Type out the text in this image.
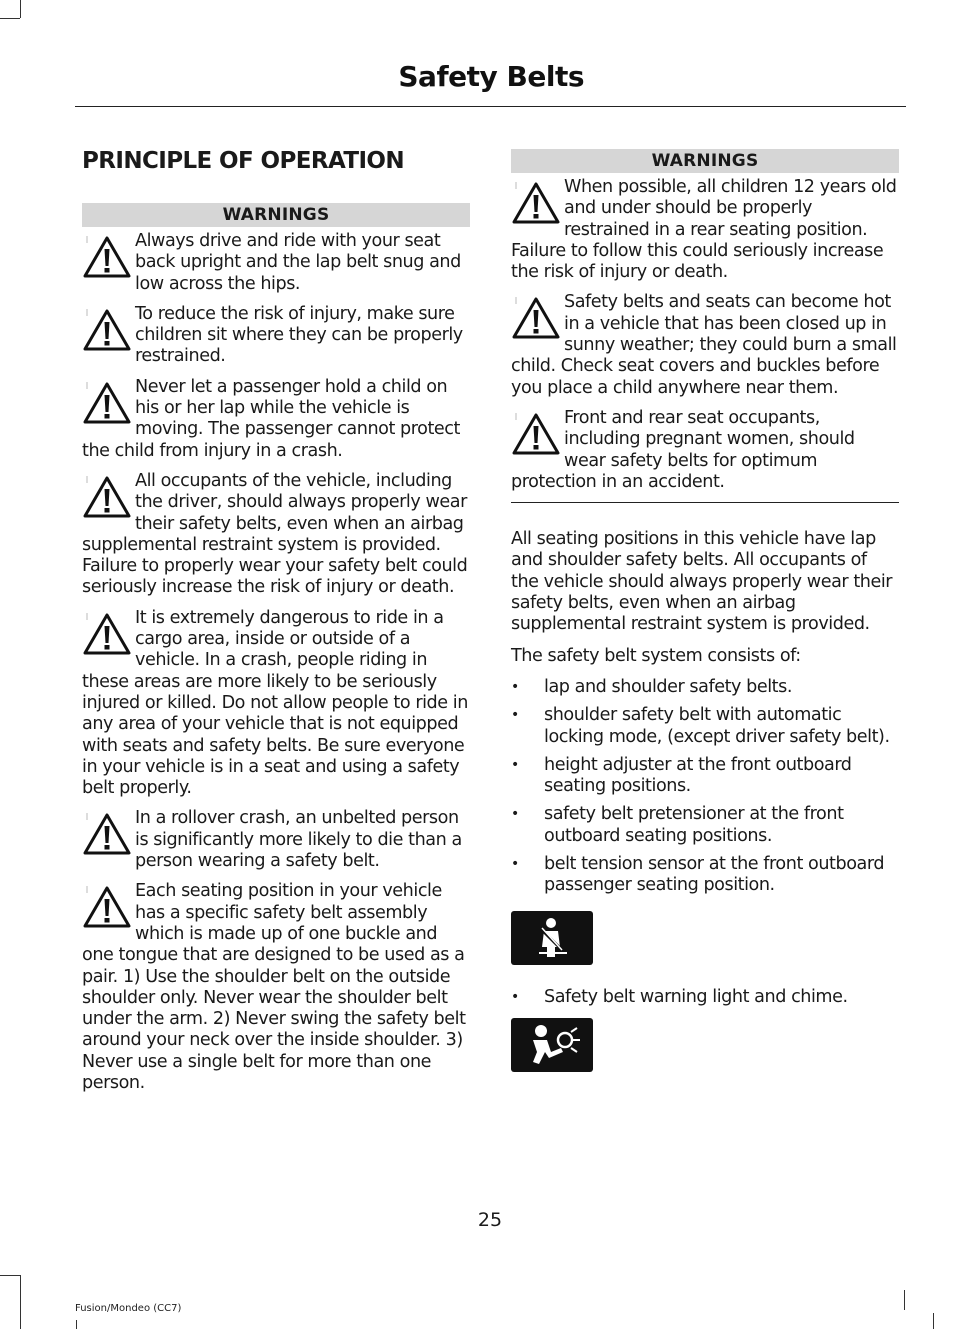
Safety Belts
PRINCIPLE OF OPERATION
WARNINGS
Always drive and ride with your seat back upright and the lap belt snug and low across the hips.
To reduce the risk of injury, make sure children sit where they can be properly restrained.
Never let a passenger hold a child on his or her lap while the vehicle is moving. The passenger cannot protect the child from injury in a crash.
All occupants of the vehicle, including the driver, should always properly wear their safety belts, even when an airbag supplemental restraint system is provided. Failure to properly wear your safety belt could seriously increase the risk of injury or death.
It is extremely dangerous to ride in a cargo area, inside or outside of a vehicle. In a crash, people riding in these areas are more likely to be seriously injured or killed. Do not allow people to ride in any area of your vehicle that is not equipped with seats and safety belts. Be sure everyone in your vehicle is in a seat and using a safety belt properly.
In a rollover crash, an unbelted person is significantly more likely to die than a person wearing a safety belt.
Each seating position in your vehicle has a specific safety belt assembly which is made up of one buckle and one tongue that are designed to be used as a pair. 1) Use the shoulder belt on the outside shoulder only. Never wear the shoulder belt under the arm. 2) Never swing the safety belt around your neck over the inside shoulder. 3) Never use a single belt for more than one person.
WARNINGS
When possible, all children 12 years old and under should be properly restrained in a rear seating position. Failure to follow this could seriously increase the risk of injury or death.
Safety belts and seats can become hot in a vehicle that has been closed up in sunny weather; they could burn a small child. Check seat covers and buckles before you place a child anywhere near them.
Front and rear seat occupants, including pregnant women, should wear safety belts for optimum protection in an accident.

All seating positions in this vehicle have lap and shoulder safety belts. All occupants of the vehicle should always properly wear their safety belts, even when an airbag supplemental restraint system is provided.

The safety belt system consists of:

• lap and shoulder safety belts.
• shoulder safety belt with automatic locking mode, (except driver safety belt).
• height adjuster at the front outboard seating positions.
• safety belt pretensioner at the front outboard seating positions.
• belt tension sensor at the front outboard passenger seating position.
• Safety belt warning light and chime.
25
Fusion/Mondeo (CC7)
